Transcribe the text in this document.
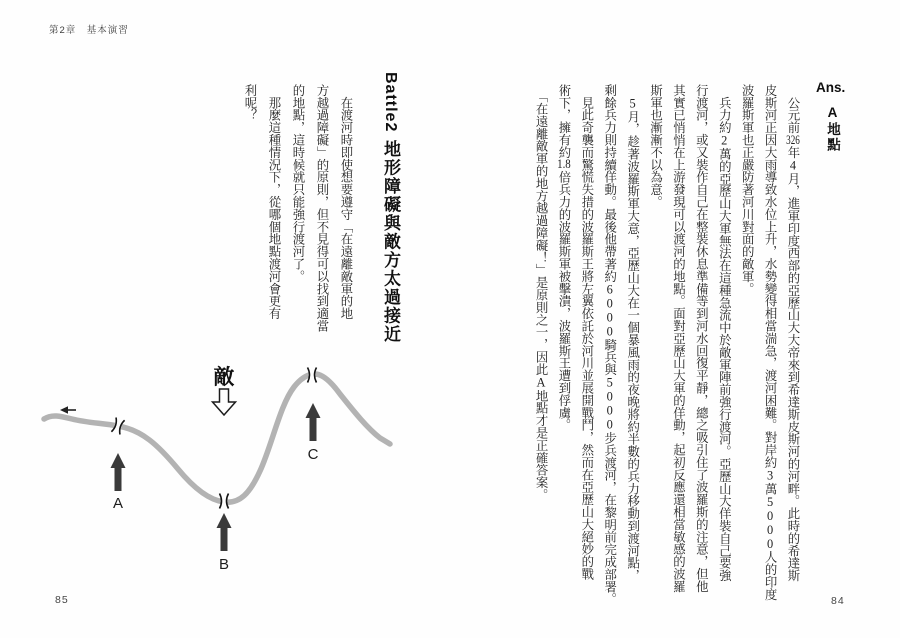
第2章　基本演習
Ans.
A地點
　公元前326年4月，進軍印度西部的亞歷山大大帝來到希達斯皮斯河的河畔。此時的希達斯
皮斯河正因大雨導致水位上升，水勢變得相當湍急，渡河困難。對岸約3萬5000人的印度
波羅斯軍也正嚴防著河川對面的敵軍。
　兵力約2萬的亞歷山大軍無法在這種急流中於敵軍陣前強行渡河。亞歷山大佯裝自己要強
行渡河，或又裝作自己在整裝休息準備等到河水回復平靜，總之吸引住了波羅斯的注意，但他
其實已悄悄在上游發現可以渡河的地點。面對亞歷山大軍的佯動，起初反應還相當敏感的波羅
斯軍也漸漸不以為意。
　5月，趁著波羅斯軍大意，亞歷山大在一個暴風雨的夜晚將約半數的兵力移動到渡河點，
剩餘兵力則持續佯動。最後他帶著約6000騎兵與5000步兵渡河，在黎明前完成部署。
　見此奇襲而驚慌失措的波羅斯王將左翼依託於河川並展開戰鬥，然而在亞歷山大絕妙的戰
術下，擁有約1.8倍兵力的波羅斯軍被擊潰，波羅斯王遭到俘虜。
　「在遠離敵軍的地方越過障礙！」是原則之一，因此A地點才是正確答案。
84
Battle2地形障礙與敵方太過接近
　在渡河時即使想要遵守「在遠離敵軍的地
方越過障礙」的原則，但不見得可以找到適當
的地點，這時候就只能強行渡河了。
　那麼這種情況下，從哪個地點渡河會更有
利呢？
敵
A
B
C
85
